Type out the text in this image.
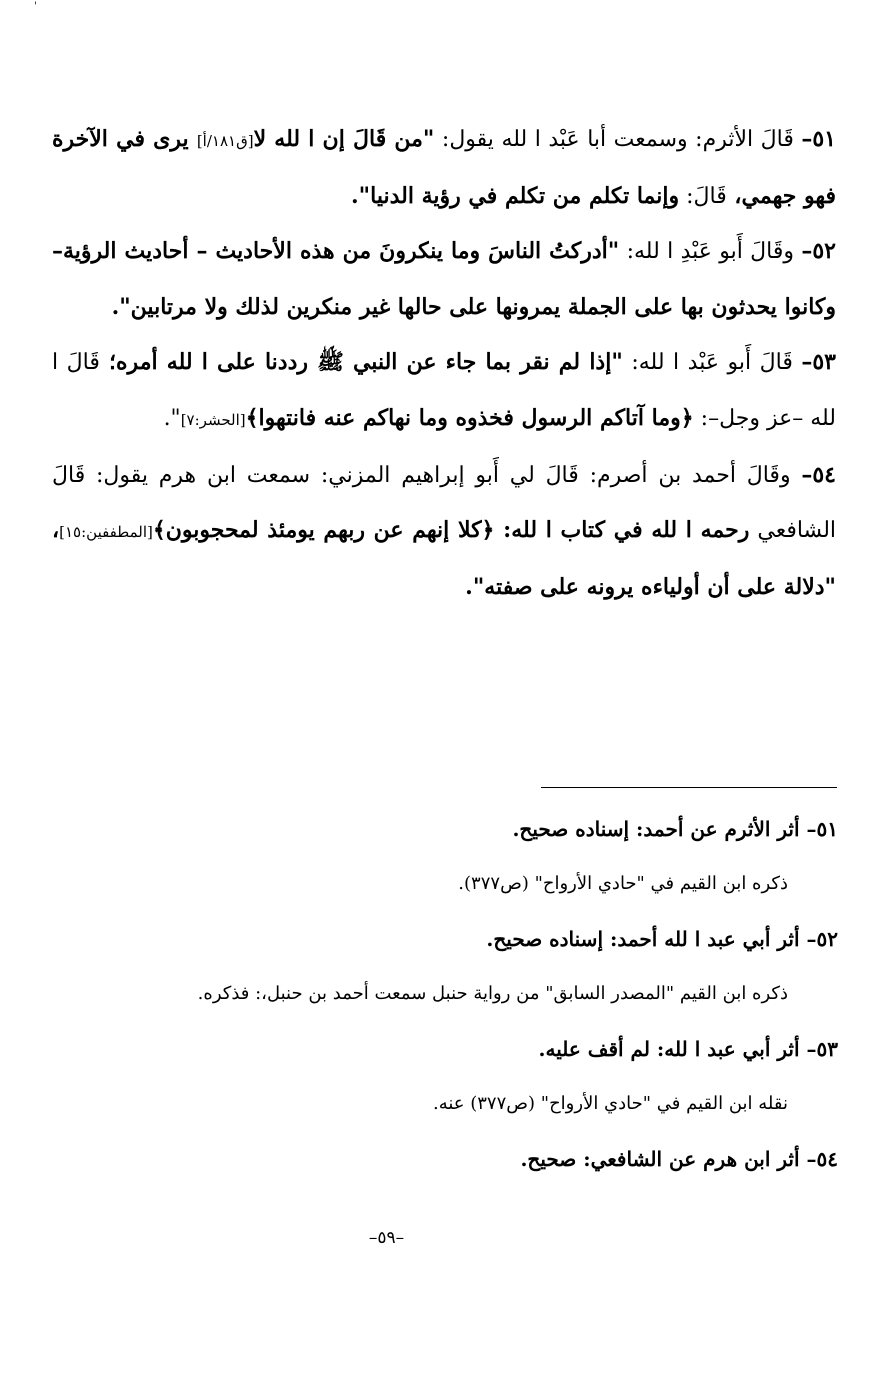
'

٥١– قَالَ الأثرم: وسمعت أبا عَبْد ا لله يقول: "من قَالَ إن ا لله لا[ق١٨١/أ] يرى في الآخرة فهو جهمي، قَالَ: وإنما تكلم من تكلم في رؤية الدنيا".

٥٢– وقَالَ أَبو عَبْدِ ا لله: "أدركتُ الناسَ وما ينكرونَ من هذه الأحاديث – أحاديث الرؤية– وكانوا يحدثون بها على الجملة يمرونها على حالها غير منكرين لذلك ولا مرتابين".

٥٣– قَالَ أَبو عَبْد ا لله: "إذا لم نقر بما جاء عن النبي ﷺ رددنا على ا لله أمره؛ قَالَ ا لله –عز وجل–: ﴿وما آتاكم الرسول فخذوه وما نهاكم عنه فانتهوا﴾[الحشر:٧]".

٥٤– وقَالَ أحمد بن أصرم: قَالَ لي أَبو إبراهيم المزني: سمعت ابن هرم يقول: قَالَ الشافعي رحمه ا لله في كتاب ا لله: ﴿كلا إنهم عن ربهم يومئذ لمحجوبون﴾[المطففين:١٥]، "دلالة على أن أولياءه يرونه على صفته".

٥١– أثر الأثرم عن أحمد: إسناده صحيح.

ذكره ابن القيم في "حادي الأرواح" (ص٣٧٧).

٥٢– أثر أبي عبد ا لله أحمد: إسناده صحيح.

ذكره ابن القيم "المصدر السابق" من رواية حنبل سمعت أحمد بن حنبل،: فذكره.

٥٣– أثر أبي عبد ا لله: لم أقف عليه.

نقله ابن القيم في "حادي الأرواح" (ص٣٧٧) عنه.

٥٤– أثر ابن هرم عن الشافعي: صحيح.

–٥٩–
